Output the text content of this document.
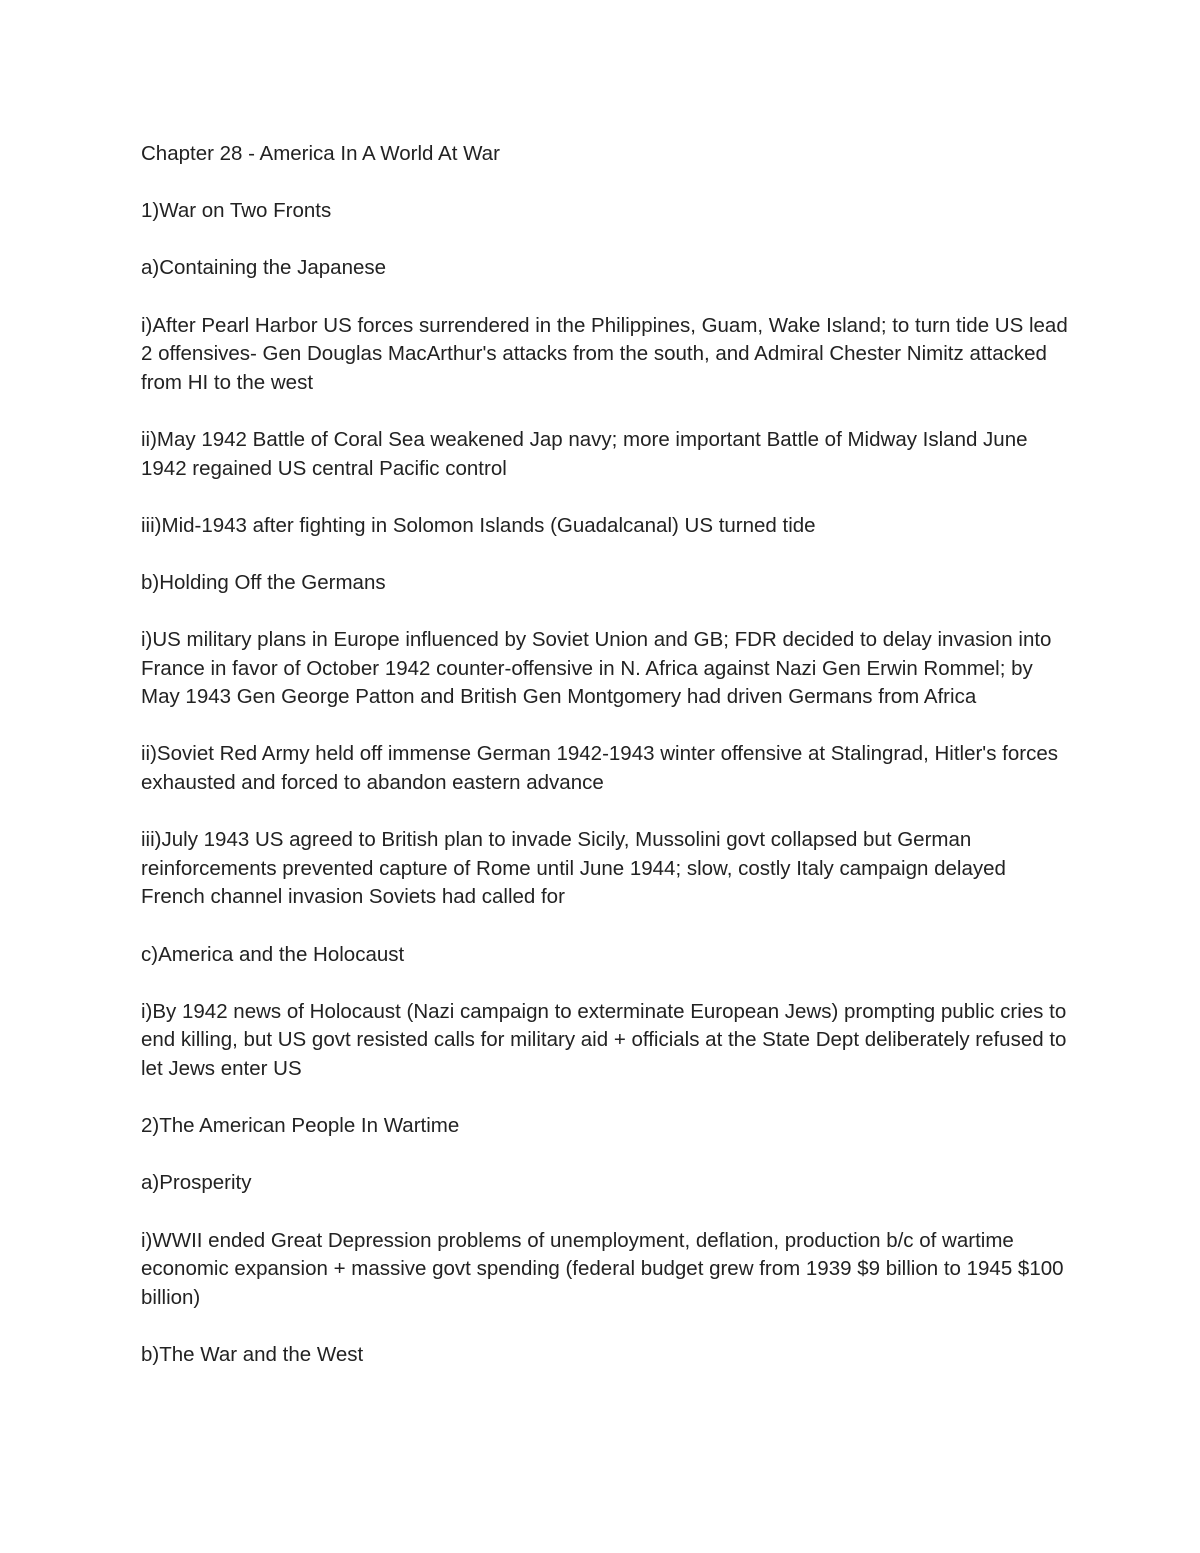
Chapter 28 - America In A World At War

1)War on Two Fronts

a)Containing the Japanese

i)After Pearl Harbor US forces surrendered in the Philippines, Guam, Wake Island; to turn tide US lead 2 offensives- Gen Douglas MacArthur's attacks from the south, and Admiral Chester Nimitz attacked from HI to the west

ii)May 1942 Battle of Coral Sea weakened Jap navy; more important Battle of Midway Island June 1942 regained US central Pacific control

iii)Mid-1943 after fighting in Solomon Islands (Guadalcanal) US turned tide

b)Holding Off the Germans

i)US military plans in Europe influenced by Soviet Union and GB; FDR decided to delay invasion into France in favor of October 1942 counter-offensive in N. Africa against Nazi Gen Erwin Rommel; by May 1943 Gen George Patton and British Gen Montgomery had driven Germans from Africa

ii)Soviet Red Army held off immense German 1942-1943 winter offensive at Stalingrad, Hitler's forces exhausted and forced to abandon eastern advance

iii)July 1943 US agreed to British plan to invade Sicily, Mussolini govt collapsed but German reinforcements prevented capture of Rome until June 1944; slow, costly Italy campaign delayed French channel invasion Soviets had called for

c)America and the Holocaust

i)By 1942 news of Holocaust (Nazi campaign to exterminate European Jews) prompting public cries to end killing, but US govt resisted calls for military aid + officials at the State Dept deliberately refused to let Jews enter US

2)The American People In Wartime

a)Prosperity

i)WWII ended Great Depression problems of unemployment, deflation, production b/c of wartime economic expansion + massive govt spending (federal budget grew from 1939 $9 billion to 1945 $100 billion)

b)The War and the West
